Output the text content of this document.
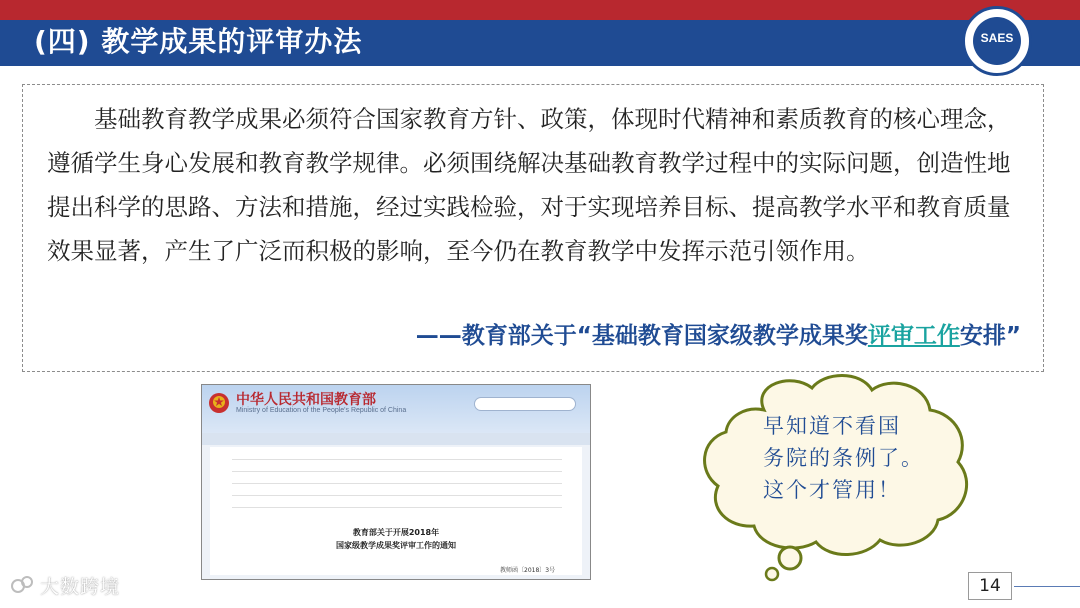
(四) 教学成果的评审办法	SAES
基础教育教学成果必须符合国家教育方针、政策，体现时代精神和素质教育的核心理念，遵循学生身心发展和教育教学规律。必须围绕解决基础教育教学过程中的实际问题，创造性地提出科学的思路、方法和措施，经过实践检验，对于实现培养目标、提高教学水平和教育质量效果显著，产生了广泛而积极的影响，至今仍在教育教学中发挥示范引领作用。
——教育部关于“基础教育国家级教学成果奖评审工作安排”
中华人民共和国教育部
Ministry of Education of the People's Republic of China
教育部关于开展2018年
国家级教学成果奖评审工作的通知
教师函〔2018〕3号
早知道不看国
务院的条例了。
这个才管用！
14
大数跨境
